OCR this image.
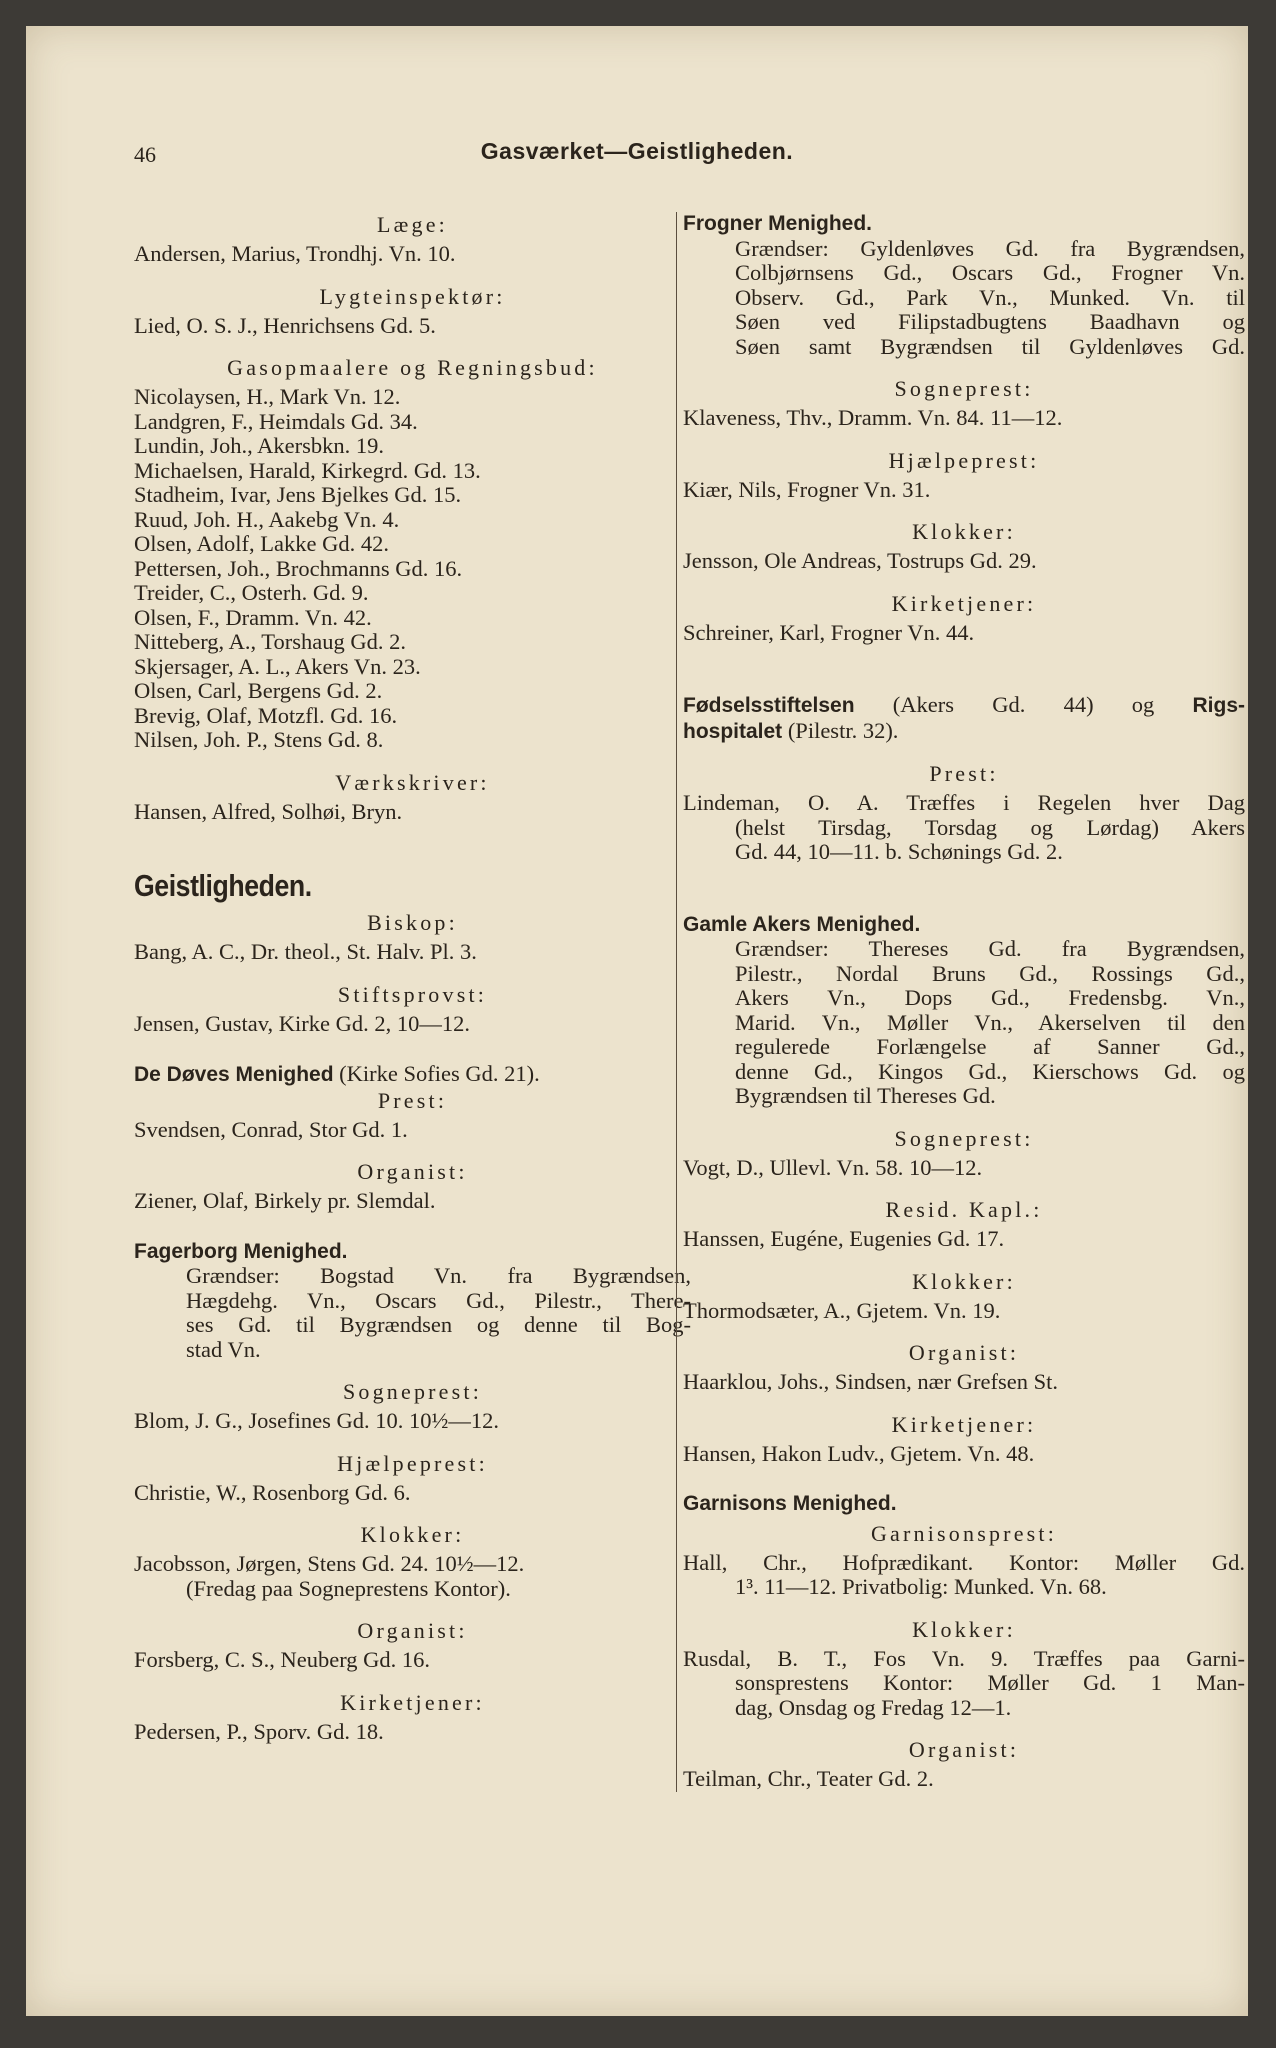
46	Gasværket—Geistligheden.
Læge:
Andersen, Marius, Trondhj. Vn. 10.
Lygteinspektør:
Lied, O. S. J., Henrichsens Gd. 5.
Gasopmaalere og Regningsbud:
Nicolaysen, H., Mark Vn. 12.
Landgren, F., Heimdals Gd. 34.
Lundin, Joh., Akersbkn. 19.
Michaelsen, Harald, Kirkegrd. Gd. 13.
Stadheim, Ivar, Jens Bjelkes Gd. 15.
Ruud, Joh. H., Aakebg Vn. 4.
Olsen, Adolf, Lakke Gd. 42.
Pettersen, Joh., Brochmanns Gd. 16.
Treider, C., Osterh. Gd. 9.
Olsen, F., Dramm. Vn. 42.
Nitteberg, A., Torshaug Gd. 2.
Skjersager, A. L., Akers Vn. 23.
Olsen, Carl, Bergens Gd. 2.
Brevig, Olaf, Motzfl. Gd. 16.
Nilsen, Joh. P., Stens Gd. 8.
Værkskriver:
Hansen, Alfred, Solhøi, Bryn.
Geistligheden.
Biskop:
Bang, A. C., Dr. theol., St. Halv. Pl. 3.
Stiftsprovst:
Jensen, Gustav, Kirke Gd. 2, 10—12.
De Døves Menighed (Kirke Sofies Gd. 21).
Prest:
Svendsen, Conrad, Stor Gd. 1.
Organist:
Ziener, Olaf, Birkely pr. Slemdal.
Fagerborg Menighed.
Grændser: Bogstad Vn. fra Bygrændsen,
Hægdehg. Vn., Oscars Gd., Pilestr., There-
ses Gd. til Bygrændsen og denne til Bog-
stad Vn.
Sogneprest:
Blom, J. G., Josefines Gd. 10. 10½—12.
Hjælpeprest:
Christie, W., Rosenborg Gd. 6.
Klokker:
Jacobsson, Jørgen, Stens Gd. 24. 10½—12.
(Fredag paa Sogneprestens Kontor).
Organist:
Forsberg, C. S., Neuberg Gd. 16.
Kirketjener:
Pedersen, P., Sporv. Gd. 18.
Frogner Menighed.
Grændser: Gyldenløves Gd. fra Bygrændsen,
Colbjørnsens Gd., Oscars Gd., Frogner Vn.
Observ. Gd., Park Vn., Munked. Vn. til
Søen ved Filipstadbugtens Baadhavn og
Søen samt Bygrændsen til Gyldenløves Gd.
Sogneprest:
Klaveness, Thv., Dramm. Vn. 84. 11—12.
Hjælpeprest:
Kiær, Nils, Frogner Vn. 31.
Klokker:
Jensson, Ole Andreas, Tostrups Gd. 29.
Kirketjener:
Schreiner, Karl, Frogner Vn. 44.
Fødselsstiftelsen (Akers Gd. 44) og Rigs-
hospitalet (Pilestr. 32).
Prest:
Lindeman, O. A. Træffes i Regelen hver Dag
(helst Tirsdag, Torsdag og Lørdag) Akers
Gd. 44, 10—11. b. Schønings Gd. 2.
Gamle Akers Menighed.
Grændser: Thereses Gd. fra Bygrændsen,
Pilestr., Nordal Bruns Gd., Rossings Gd.,
Akers Vn., Dops Gd., Fredensbg. Vn.,
Marid. Vn., Møller Vn., Akerselven til den
regulerede Forlængelse af Sanner Gd.,
denne Gd., Kingos Gd., Kierschows Gd. og
Bygrændsen til Thereses Gd.
Sogneprest:
Vogt, D., Ullevl. Vn. 58. 10—12.
Resid. Kapl.:
Hanssen, Eugéne, Eugenies Gd. 17.
Klokker:
Thormodsæter, A., Gjetem. Vn. 19.
Organist:
Haarklou, Johs., Sindsen, nær Grefsen St.
Kirketjener:
Hansen, Hakon Ludv., Gjetem. Vn. 48.
Garnisons Menighed.
Garnisonsprest:
Hall, Chr., Hofprædikant. Kontor: Møller Gd.
1³. 11—12. Privatbolig: Munked. Vn. 68.
Klokker:
Rusdal, B. T., Fos Vn. 9. Træffes paa Garni-
sonsprestens Kontor: Møller Gd. 1 Man-
dag, Onsdag og Fredag 12—1.
Organist:
Teilman, Chr., Teater Gd. 2.
